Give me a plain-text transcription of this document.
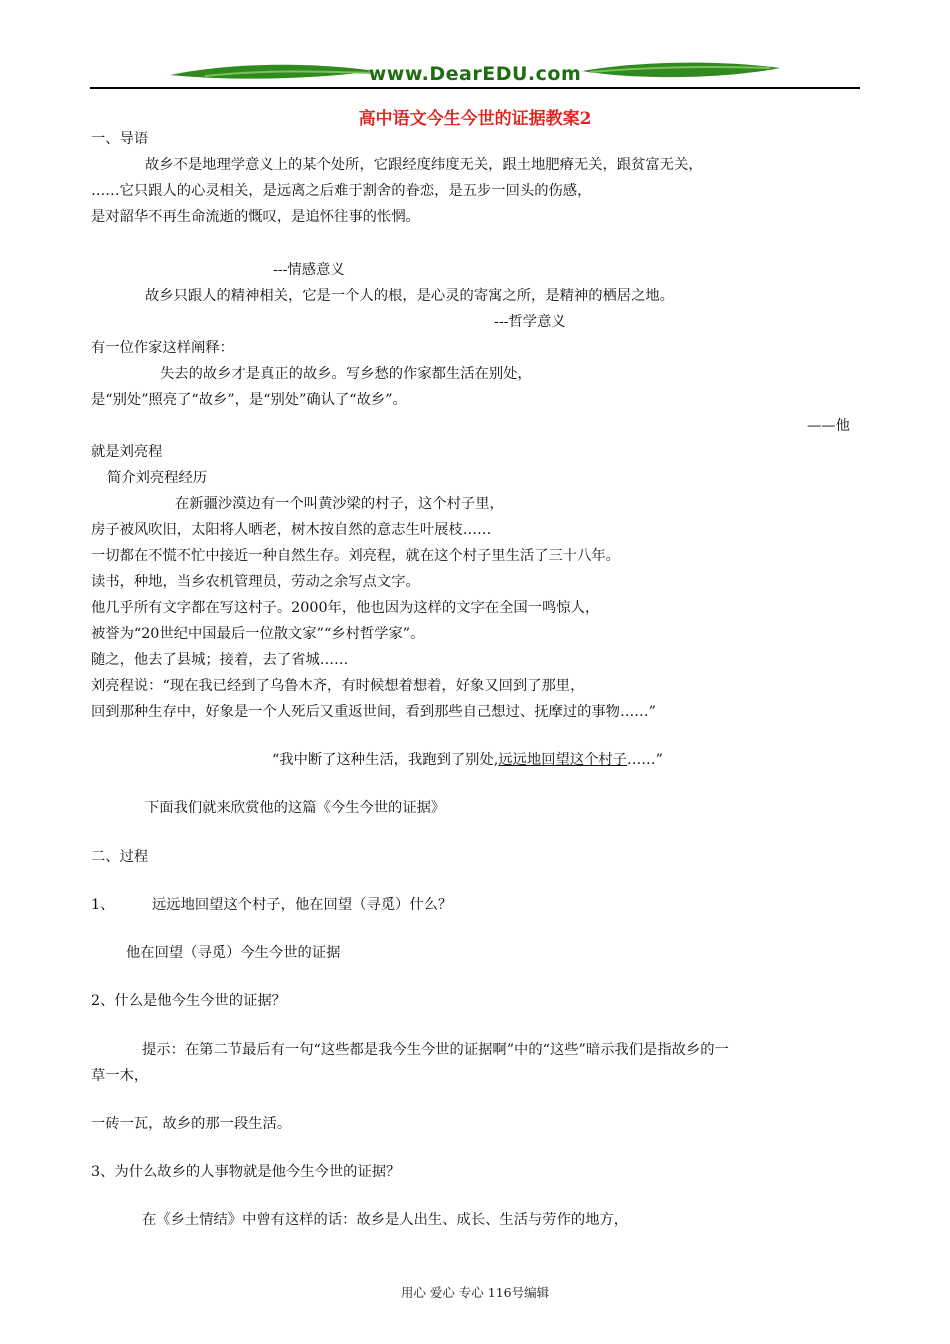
www.DearEDU.com
高中语文今生今世的证据教案2
一、导语
故乡不是地理学意义上的某个处所，它跟经度纬度无关，跟土地肥瘠无关，跟贫富无关，
……它只跟人的心灵相关，是远离之后难于割舍的眷恋，是五步一回头的伤感，
是对韶华不再生命流逝的慨叹，是追怀往事的怅惘。
---情感意义
故乡只跟人的精神相关，它是一个人的根，是心灵的寄寓之所，是精神的栖居之地。
---哲学意义
有一位作家这样阐释：
失去的故乡才是真正的故乡。写乡愁的作家都生活在别处，
是“别处”照亮了“故乡”，是“别处”确认了“故乡”。
——他
就是刘亮程
简介刘亮程经历
在新疆沙漠边有一个叫黄沙梁的村子，这个村子里，
房子被风吹旧，太阳将人晒老，树木按自然的意志生叶展枝……
一切都在不慌不忙中接近一种自然生存。刘亮程，就在这个村子里生活了三十八年。
读书，种地，当乡农机管理员，劳动之余写点文字。
他几乎所有文字都在写这村子。2000年，他也因为这样的文字在全国一鸣惊人，
被誉为“20世纪中国最后一位散文家”“乡村哲学家”。
随之，他去了县城；接着，去了省城……
刘亮程说：“现在我已经到了乌鲁木齐，有时候想着想着，好象又回到了那里，
回到那种生存中，好象是一个人死后又重返世间，看到那些自己想过、抚摩过的事物……”
“我中断了这种生活，我跑到了别处,远远地回望这个村子……”
下面我们就来欣赏他的这篇《今生今世的证据》
二、过程
1、	远远地回望这个村子，他在回望（寻觅）什么？
他在回望（寻觅）今生今世的证据
2、什么是他今生今世的证据？
提示：在第二节最后有一句“这些都是我今生今世的证据啊”中的“这些”暗示我们是指故乡的一
草一木，
一砖一瓦，故乡的那一段生活。
3、为什么故乡的人事物就是他今生今世的证据？
在《乡土情结》中曾有这样的话：故乡是人出生、成长、生活与劳作的地方，
用心 爱心 专心 116号编辑
